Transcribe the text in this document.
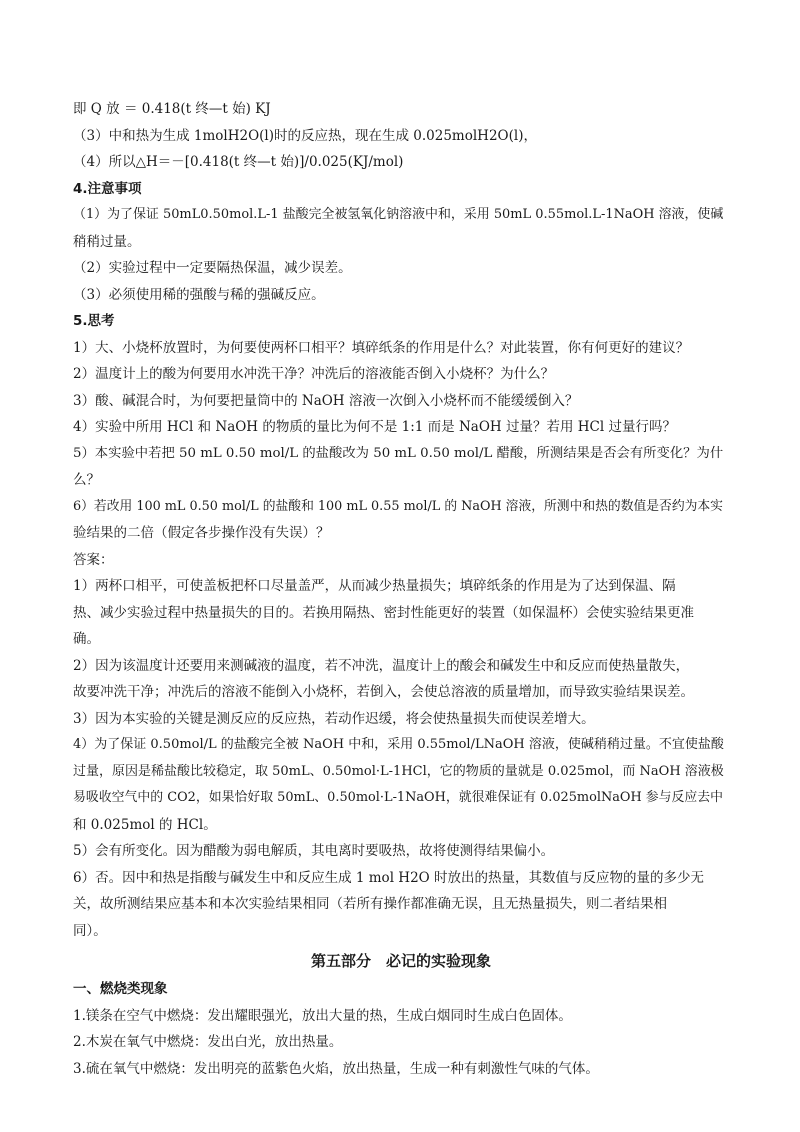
即 Q 放 ＝ 0.418(t 终—t 始) KJ
（3）中和热为生成 1molH2O(l)时的反应热，现在生成 0.025molH2O(l)，
（4）所以△H＝－[0.418(t 终—t 始)]/0.025(KJ/mol)
4.注意事项
（1）为了保证 50mL0.50mol.L-1 盐酸完全被氢氧化钠溶液中和，采用 50mL 0.55mol.L-1NaOH 溶液，使碱
稍稍过量。
（2）实验过程中一定要隔热保温，减少误差。
（3）必须使用稀的强酸与稀的强碱反应。
5.思考
1）大、小烧杯放置时，为何要使两杯口相平？填碎纸条的作用是什么？对此装置，你有何更好的建议？
2）温度计上的酸为何要用水冲洗干净？冲洗后的溶液能否倒入小烧杯？为什么？
3）酸、碱混合时，为何要把量筒中的 NaOH 溶液一次倒入小烧杯而不能缓缓倒入？
4）实验中所用 HCl 和 NaOH 的物质的量比为何不是 1:1 而是 NaOH 过量？若用 HCl 过量行吗？
5）本实验中若把 50 mL 0.50 mol/L 的盐酸改为 50 mL 0.50 mol/L 醋酸，所测结果是否会有所变化？为什
么？
6）若改用 100 mL 0.50 mol/L 的盐酸和 100 mL 0.55 mol/L 的 NaOH 溶液，所测中和热的数值是否约为本实
验结果的二倍（假定各步操作没有失误）？
答案：
1）两杯口相平，可使盖板把杯口尽量盖严，从而减少热量损失；填碎纸条的作用是为了达到保温、隔
热、减少实验过程中热量损失的目的。若换用隔热、密封性能更好的装置（如保温杯）会使实验结果更准
确。
2）因为该温度计还要用来测碱液的温度，若不冲洗，温度计上的酸会和碱发生中和反应而使热量散失，
故要冲洗干净；冲洗后的溶液不能倒入小烧杯，若倒入，会使总溶液的质量增加，而导致实验结果误差。
3）因为本实验的关键是测反应的反应热，若动作迟缓，将会使热量损失而使误差增大。
4）为了保证 0.50mol/L 的盐酸完全被 NaOH 中和，采用 0.55mol/LNaOH 溶液，使碱稍稍过量。不宜使盐酸
过量，原因是稀盐酸比较稳定，取 50mL、0.50mol·L-1HCl，它的物质的量就是 0.025mol，而 NaOH 溶液极
易吸收空气中的 CO2，如果恰好取 50mL、0.50mol·L-1NaOH，就很难保证有 0.025molNaOH 参与反应去中
和 0.025mol 的 HCl。
5）会有所变化。因为醋酸为弱电解质，其电离时要吸热，故将使测得结果偏小。
6）否。因中和热是指酸与碱发生中和反应生成 1 mol H2O 时放出的热量，其数值与反应物的量的多少无
关，故所测结果应基本和本次实验结果相同（若所有操作都准确无误，且无热量损失，则二者结果相
同）。
第五部分　必记的实验现象
一、燃烧类现象
1.镁条在空气中燃烧：发出耀眼强光，放出大量的热，生成白烟同时生成白色固体。
2.木炭在氧气中燃烧：发出白光，放出热量。
3.硫在氧气中燃烧：发出明亮的蓝紫色火焰，放出热量，生成一种有刺激性气味的气体。
